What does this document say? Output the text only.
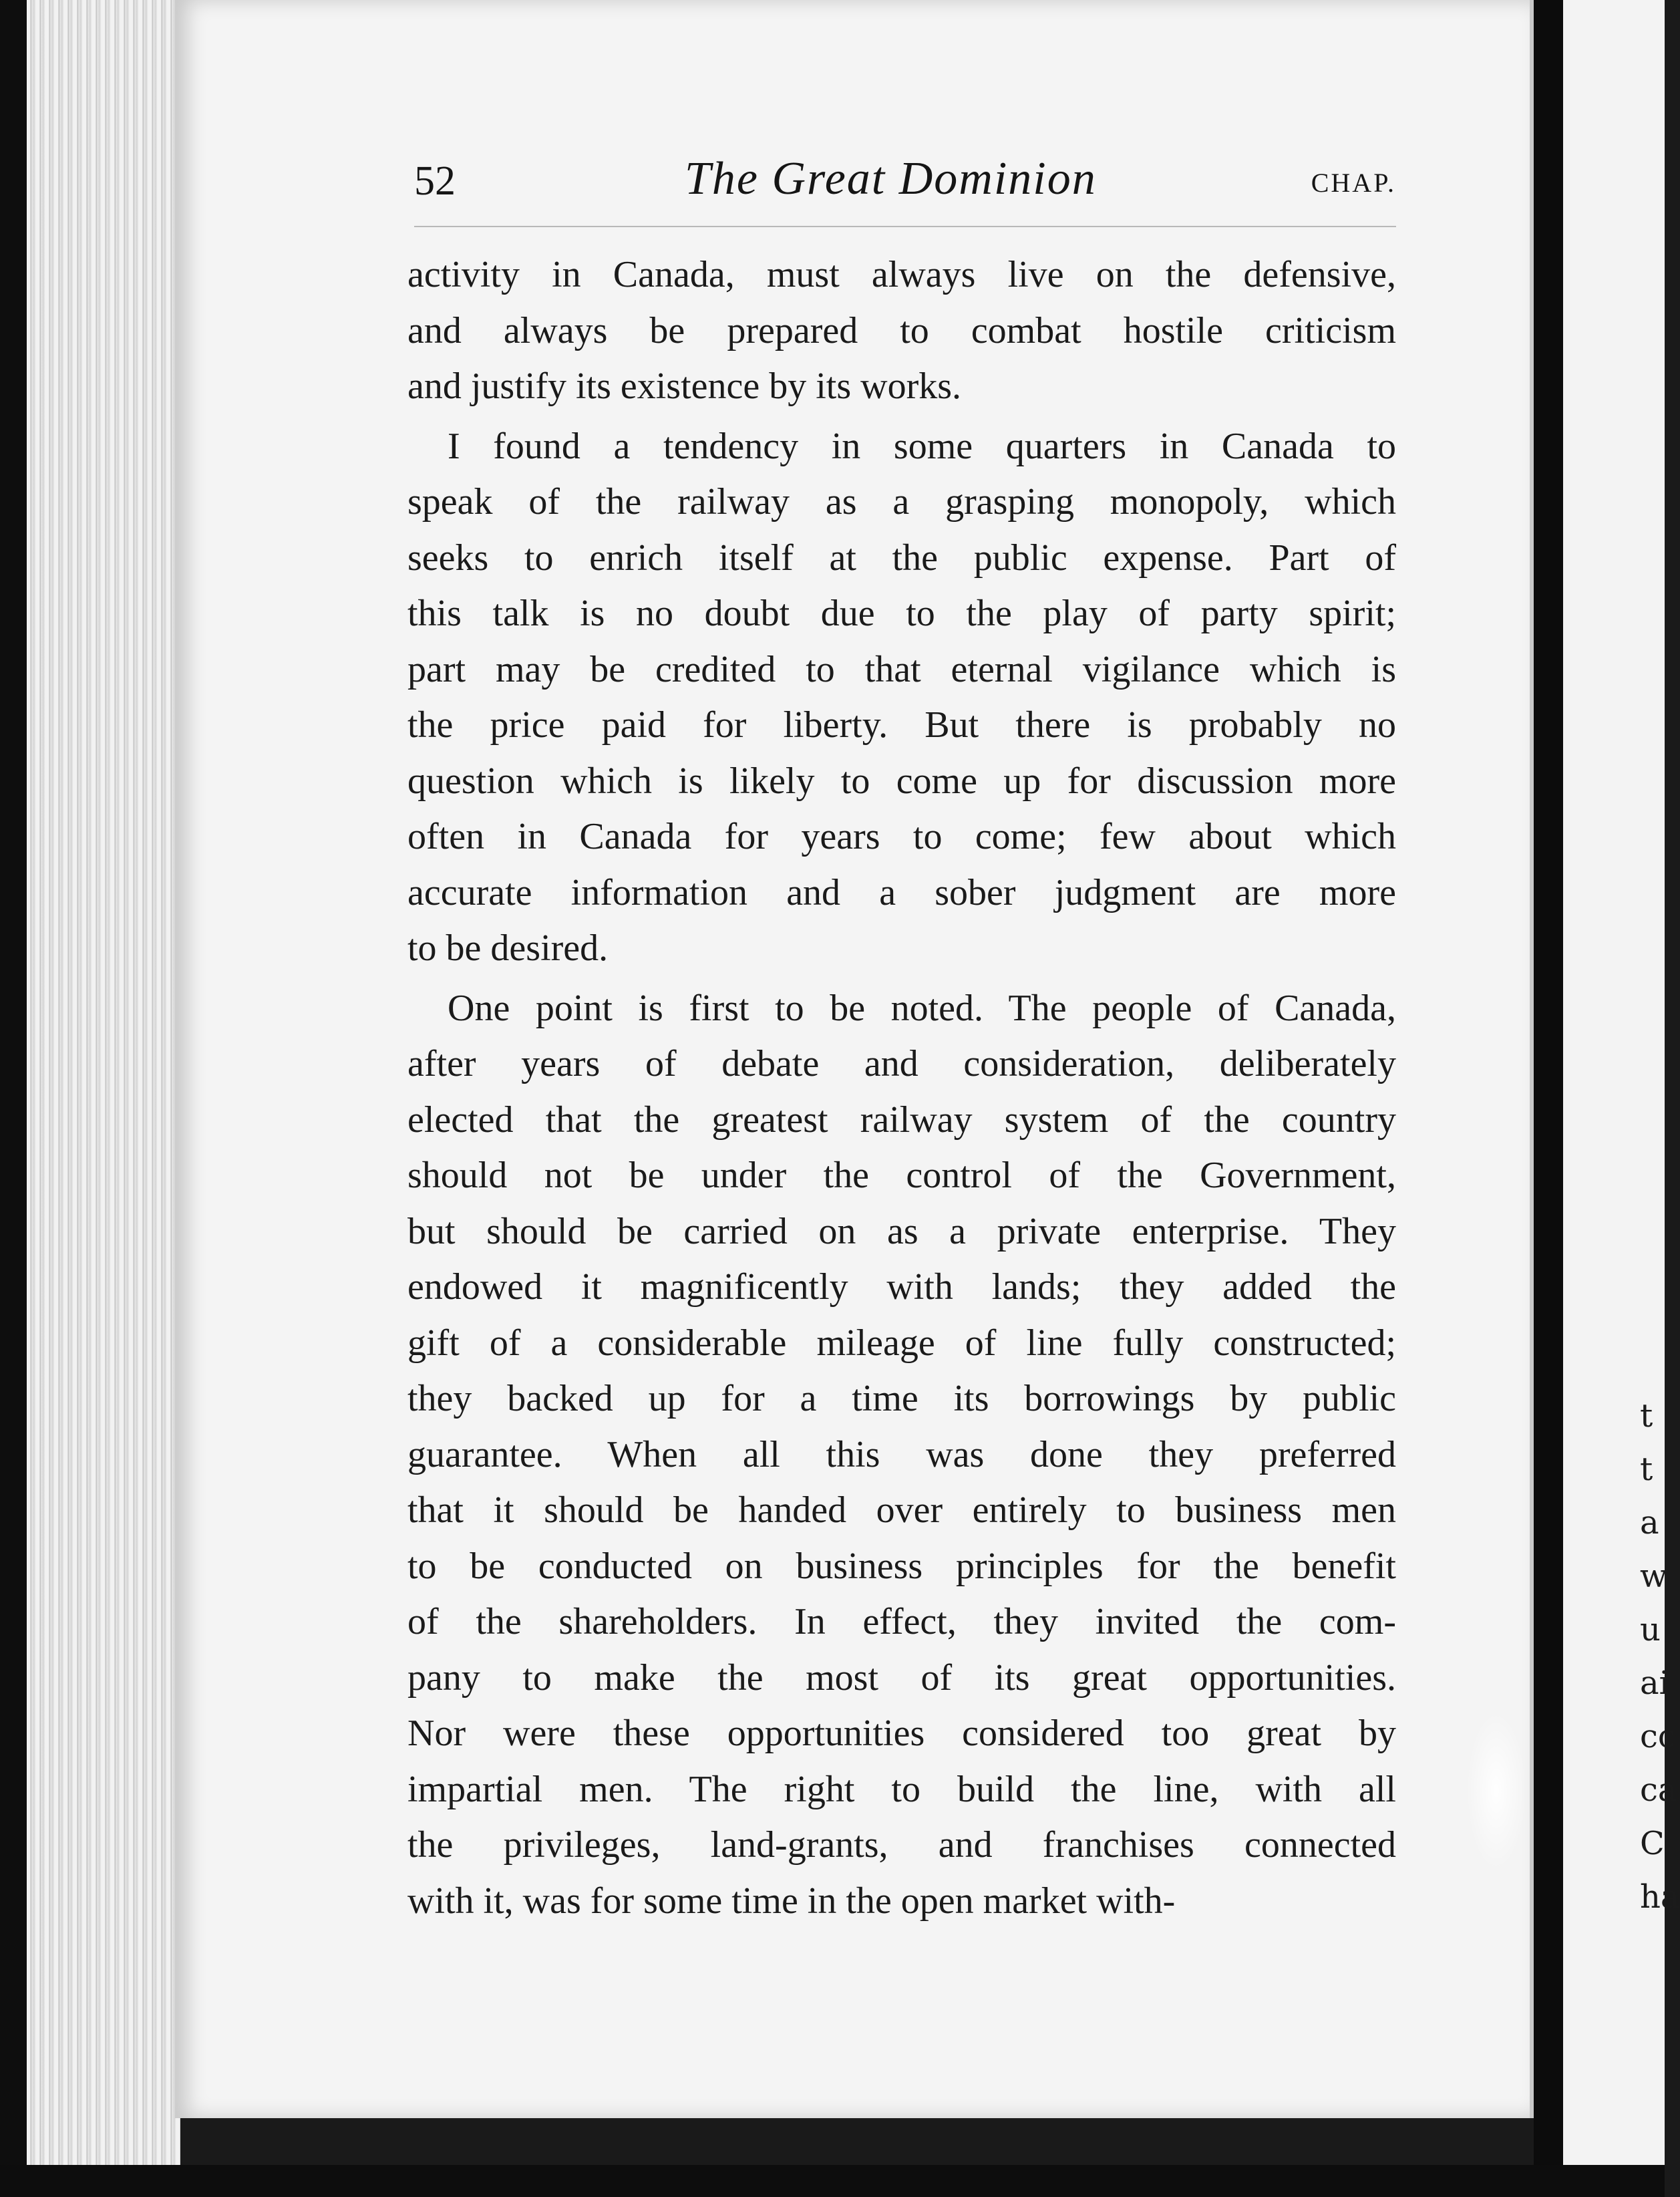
52	The Great Dominion	CHAP.
activity in Canada, must always live on the defensive,
and always be prepared to combat hostile criticism
and justify its existence by its works.
I found a tendency in some quarters in Canada to
speak of the railway as a grasping monopoly, which
seeks to enrich itself at the public expense. Part of
this talk is no doubt due to the play of party spirit;
part may be credited to that eternal vigilance which is
the price paid for liberty. But there is probably no
question which is likely to come up for discussion more
often in Canada for years to come; few about which
accurate information and a sober judgment are more
to be desired.
One point is first to be noted. The people of Canada,
after years of debate and consideration, deliberately
elected that the greatest railway system of the country
should not be under the control of the Government,
but should be carried on as a private enterprise. They
endowed it magnificently with lands; they added the
gift of a considerable mileage of line fully constructed;
they backed up for a time its borrowings by public
guarantee. When all this was done they preferred
that it should be handed over entirely to business men
to be conducted on business principles for the benefit
of the shareholders. In effect, they invited the com-
pany to make the most of its great opportunities.
Nor were these opportunities considered too great by
impartial men. The right to build the line, with all
the privileges, land-grants, and franchises connected
with it, was for some time in the open market with-
t
t
a
w
u
ai
cc
ca
C
ha
